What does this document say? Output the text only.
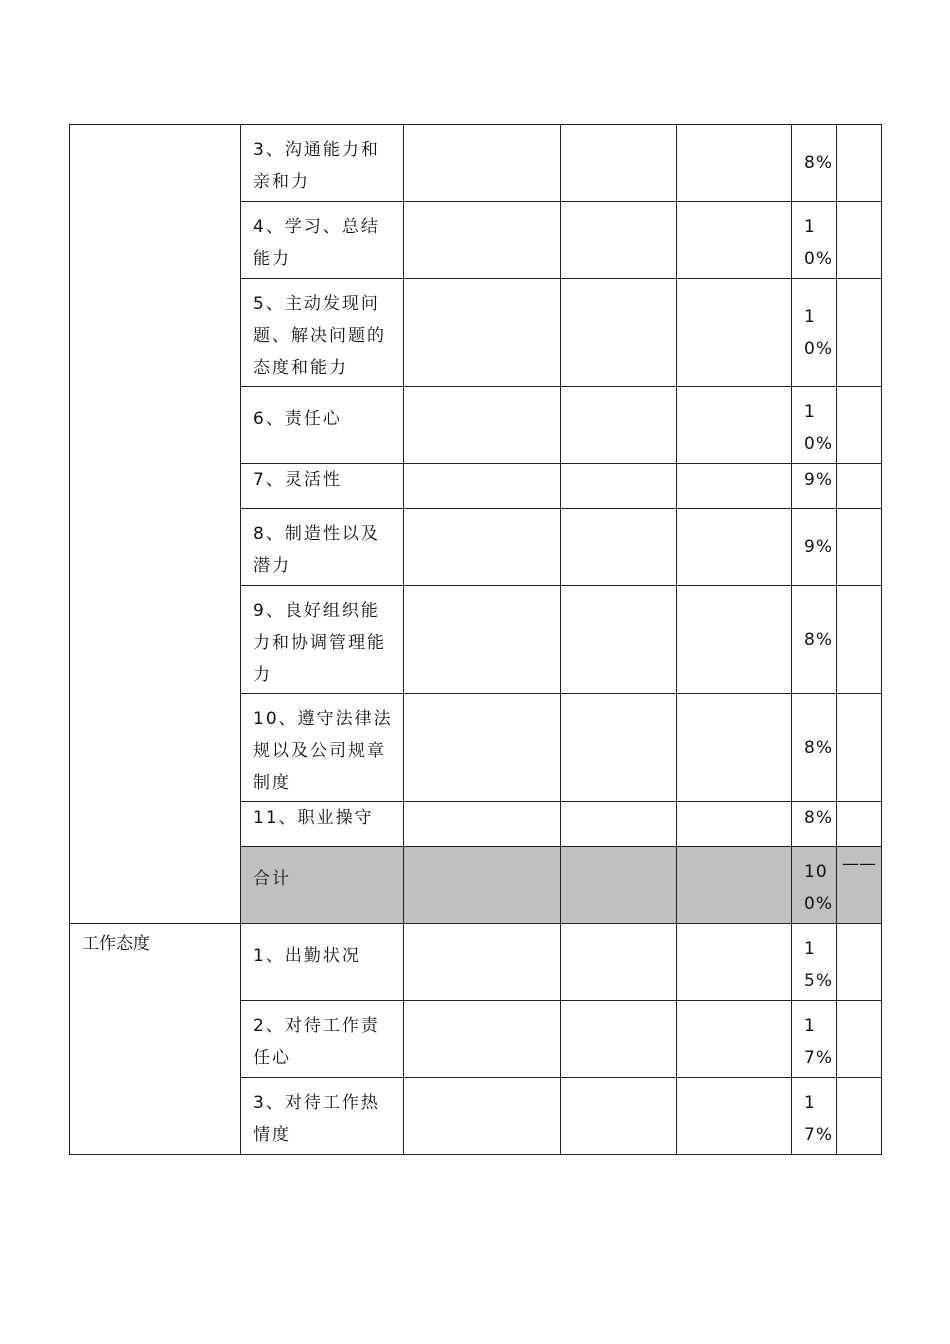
	3、沟通能力和亲和力				8%	
	4、学习、总结能力				10%	
	5、主动发现问题、解决问题的态度和能力				10%	

	6、责任心				10%	
	7、灵活性				9%	
	8、制造性以及潜力				9%	
	9、良好组织能力和协调管理能力				8%	
	10、遵守法律法规以及公司规章制度				8%	
	11、职业操守				8%	

	合计				100%	——
工作态度	1、出勤状况				15%	
	2、对待工作责任心				17%	
	3、对待工作热情度				17%	
